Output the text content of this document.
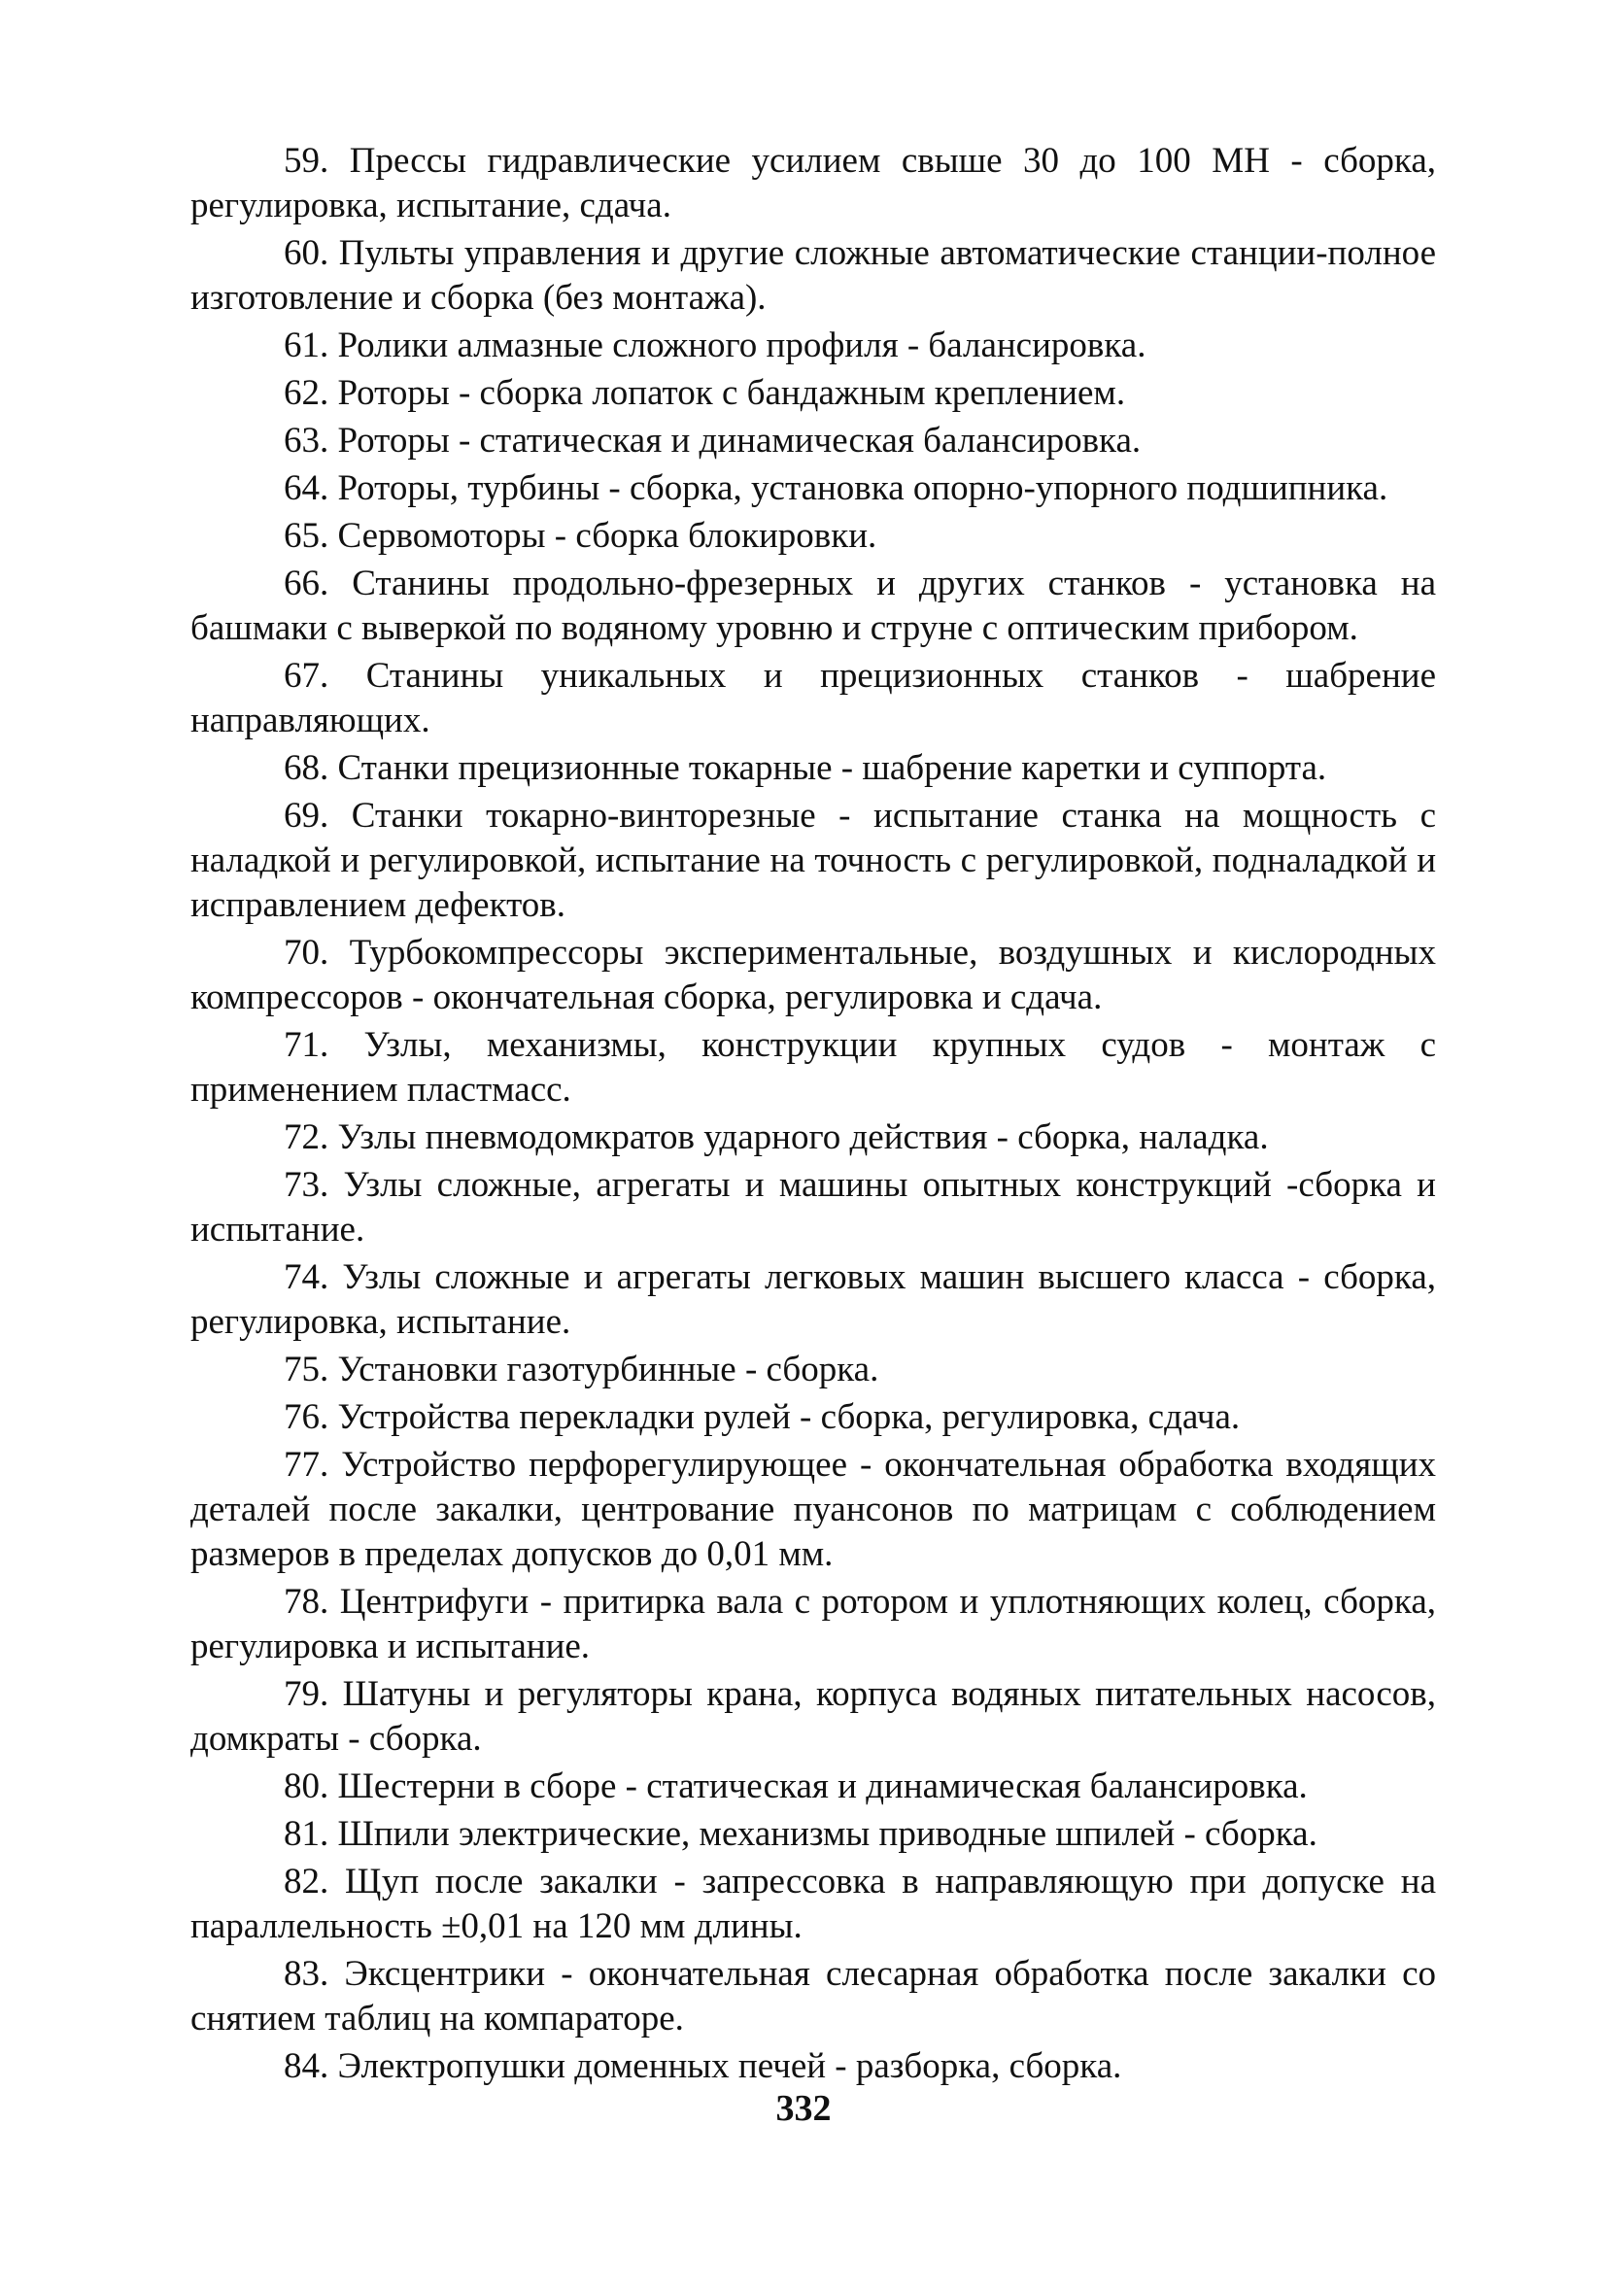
59. Прессы гидравлические усилием свыше 30 до 100 МН - сборка, регулировка, испытание, сдача.

60. Пульты управления и другие сложные автоматические станции-полное изготовление и сборка (без монтажа).

61. Ролики алмазные сложного профиля - балансировка.

62. Роторы - сборка лопаток с бандажным креплением.

63. Роторы - статическая и динамическая балансировка.

64. Роторы, турбины - сборка, установка опорно-упорного подшипника.

65. Сервомоторы - сборка блокировки.

66. Станины продольно-фрезерных и других станков - установка на башмаки с выверкой по водяному уровню и струне с оптическим прибором.

67. Станины уникальных и прецизионных станков - шабрение направляющих.

68. Станки прецизионные токарные - шабрение каретки и суппорта.

69. Станки токарно-винторезные - испытание станка на мощность с наладкой и регулировкой, испытание на точность с регулировкой, подналадкой и исправлением дефектов.

70. Турбокомпрессоры экспериментальные, воздушных и кислородных компрессоров - окончательная сборка, регулировка и сдача.

71. Узлы, механизмы, конструкции крупных судов - монтаж с применением пластмасс.

72. Узлы пневмодомкратов ударного действия - сборка, наладка.

73. Узлы сложные, агрегаты и машины опытных конструкций -сборка и испытание.

74. Узлы сложные и агрегаты легковых машин высшего класса - сборка, регулировка, испытание.

75. Установки газотурбинные - сборка.

76. Устройства перекладки рулей - сборка, регулировка, сдача.

77. Устройство перфорегулирующее - окончательная обработка входящих деталей после закалки, центрование пуансонов по матрицам с соблюдением размеров в пределах допусков до 0,01 мм.

78. Центрифуги - притирка вала с ротором и уплотняющих колец, сборка, регулировка и испытание.

79. Шатуны и регуляторы крана, корпуса водяных питательных насосов, домкраты - сборка.

80. Шестерни в сборе - статическая и динамическая балансировка.

81. Шпили электрические, механизмы приводные шпилей - сборка.

82. Щуп после закалки - запрессовка в направляющую при допуске на параллельность ±0,01 на 120 мм длины.

83. Эксцентрики - окончательная слесарная обработка после закалки со снятием таблиц на компараторе.

84. Электропушки доменных печей - разборка, сборка.

332
